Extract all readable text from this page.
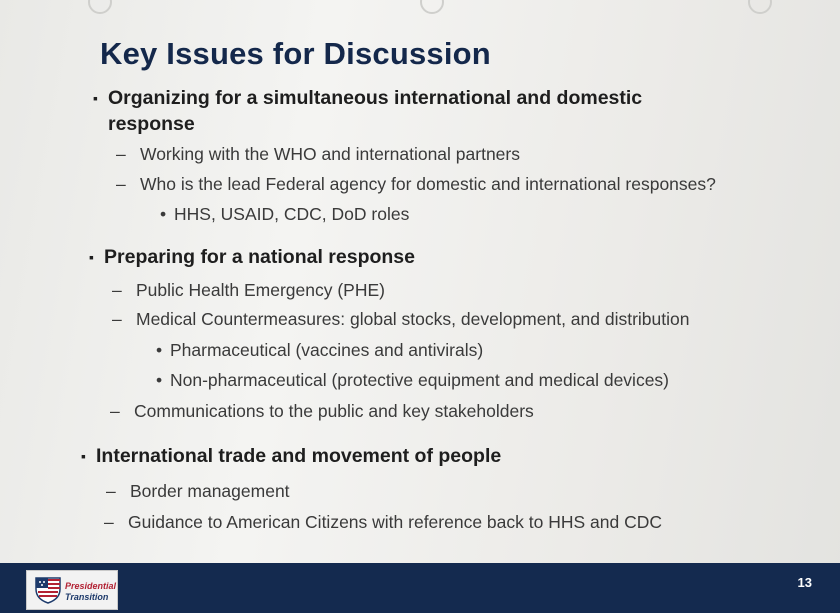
Key Issues for Discussion
▪ Organizing for a simultaneous international and domestic
response
– Working with the WHO and international partners
– Who is the lead Federal agency for domestic and international responses?
• HHS, USAID, CDC, DoD roles
▪ Preparing for a national response
– Public Health Emergency (PHE)
– Medical Countermeasures: global stocks, development, and distribution
• Pharmaceutical (vaccines and antivirals)
• Non-pharmaceutical (protective equipment and medical devices)
– Communications to the public and key stakeholders
▪ International trade and movement of people
– Border management
– Guidance to American Citizens with reference back to HHS and CDC
Presidential
Transition
13
